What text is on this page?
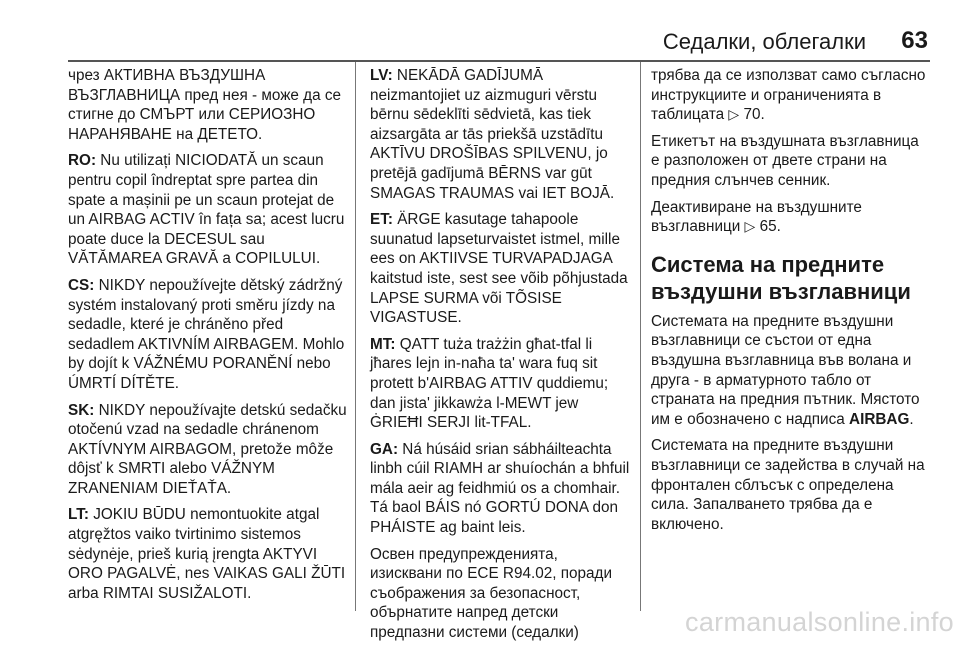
Седалки, облегалки 63

чрез АКТИВНА ВЪЗДУШНА ВЪЗГЛАВНИЦА пред нея - може да се стигне до СМЪРТ или СЕРИОЗНО НАРАНЯВАНЕ на ДЕТЕТО.

RO: Nu utilizați NICIODATĂ un scaun pentru copil îndreptat spre partea din spate a mașinii pe un scaun protejat de un AIRBAG ACTIV în fața sa; acest lucru poate duce la DECESUL sau VĂTĂMAREA GRAVĂ a COPILULUI.

CS: NIKDY nepoužívejte dětský zádržný systém instalovaný proti směru jízdy na sedadle, které je chráněno před sedadlem AKTIVNÍM AIRBAGEM. Mohlo by dojít k VÁŽNÉMU PORANĚNÍ nebo ÚMRTÍ DÍTĚTE.

SK: NIKDY nepoužívajte detskú sedačku otočenú vzad na sedadle chránenom AKTÍVNYM AIRBAGOM, pretože môže dôjsť k SMRTI alebo VÁŽNYM ZRANENIAM DIEŤAŤA.

LT: JOKIU BŪDU nemontuokite atgal atgręžtos vaiko tvirtinimo sistemos sėdynėje, prieš kurią įrengta AKTYVI ORO PAGALVĖ, nes VAIKAS GALI ŽŪTI arba RIMTAI SUSIŽALOTI.

LV: NEKĀDĀ GADĪJUMĀ neizmantojiet uz aizmuguri vērstu bērnu sēdeklīti sēdvietā, kas tiek aizsargāta ar tās priekšā uzstādītu AKTĪVU DROŠĪBAS SPILVENU, jo pretējā gadījumā BĒRNS var gūt SMAGAS TRAUMAS vai IET BOJĀ.

ET: ÄRGE kasutage tahapoole suunatud lapseturvaistet istmel, mille ees on AKTIIVSE TURVAPADJAGA kaitstud iste, sest see võib põhjustada LAPSE SURMA või TÕSISE VIGASTUSE.

MT: QATT tuża trażżin għat-tfal li jħares lejn in-naħa ta' wara fuq sit protett b'AIRBAG ATTIV quddiemu; dan jista' jikkawża l-MEWT jew ĠRIEĦI SERJI lit-TFAL.

GA: Ná húsáid srian sábháilteachta linbh cúil RIAMH ar shuíochán a bhfuil mála aeir ag feidhmiú os a chomhair. Tá baol BÁIS nó GORTÚ DONA don PHÁISTE ag baint leis.

Освен предупрежденията, изисквани по ECE R94.02, поради съображения за безопасност, обърнатите напред детски предпазни системи (седалки)

трябва да се използват само съгласно инструкциите и ограниченията в таблицата ▷ 70.

Етикетът на въздушната възглавница е разположен от двете страни на предния слънчев сенник.

Деактивиране на въздушните възглавници ▷ 65.

Система на предните въздушни възглавници

Системата на предните въздушни възглавници се състои от една въздушна възглавница във волана и друга - в арматурното табло от страната на предния пътник. Мястото им е обозначено с надписа AIRBAG.

Системата на предните въздушни възглавници се задейства в случай на фронтален сблъсък с определена сила. Запалването трябва да е включено.

carmanualsonline.info
